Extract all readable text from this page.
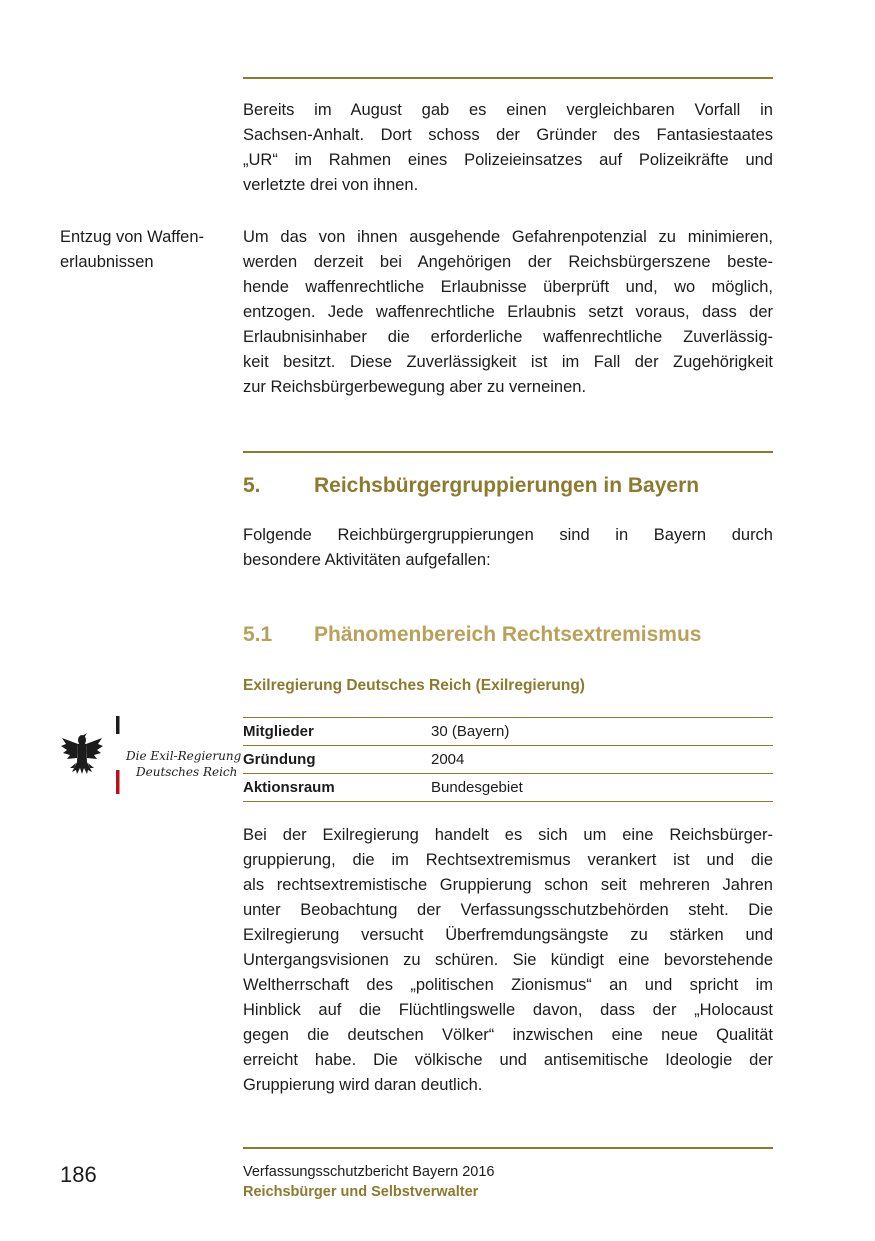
Bereits im August gab es einen vergleichbaren Vorfall in
Sachsen-Anhalt. Dort schoss der Gründer des Fantasiestaates
„UR“ im Rahmen eines Polizeieinsatzes auf Polizeikräfte und
verletzte drei von ihnen.
Entzug von Waffen-
erlaubnissen
Um das von ihnen ausgehende Gefahrenpotenzial zu minimieren,
werden derzeit bei Angehörigen der Reichsbürgerszene beste-
hende waffenrechtliche Erlaubnisse überprüft und, wo möglich,
entzogen. Jede waffenrechtliche Erlaubnis setzt voraus, dass der
Erlaubnisinhaber die erforderliche waffenrechtliche Zuverlässig-
keit besitzt. Diese Zuverlässigkeit ist im Fall der Zugehörigkeit
zur Reichsbürgerbewegung aber zu verneinen.
5.	Reichsbürgergruppierungen in Bayern
Folgende Reichbürgergruppierungen sind in Bayern durch
besondere Aktivitäten aufgefallen:
5.1 Phänomenbereich Rechtsextremismus
Exilregierung Deutsches Reich (Exilregierung)
Die Exil-Regierung
Deutsches Reich
Mitglieder	30 (Bayern)
Gründung	2004
Aktionsraum	Bundesgebiet
Bei der Exilregierung handelt es sich um eine Reichsbürger-
gruppierung, die im Rechtsextremismus verankert ist und die
als rechtsextremistische Gruppierung schon seit mehreren Jahren
unter Beobachtung der Verfassungsschutzbehörden steht. Die
Exilregierung versucht Überfremdungsängste zu stärken und
Untergangsvisionen zu schüren. Sie kündigt eine bevorstehende
Weltherrschaft des „politischen Zionismus“ an und spricht im
Hinblick auf die Flüchtlingswelle davon, dass der „Holocaust
gegen die deutschen Völker“ inzwischen eine neue Qualität
erreicht habe. Die völkische und antisemitische Ideologie der
Gruppierung wird daran deutlich.
186	Verfassungsschutzbericht Bayern 2016
Reichsbürger und Selbstverwalter
